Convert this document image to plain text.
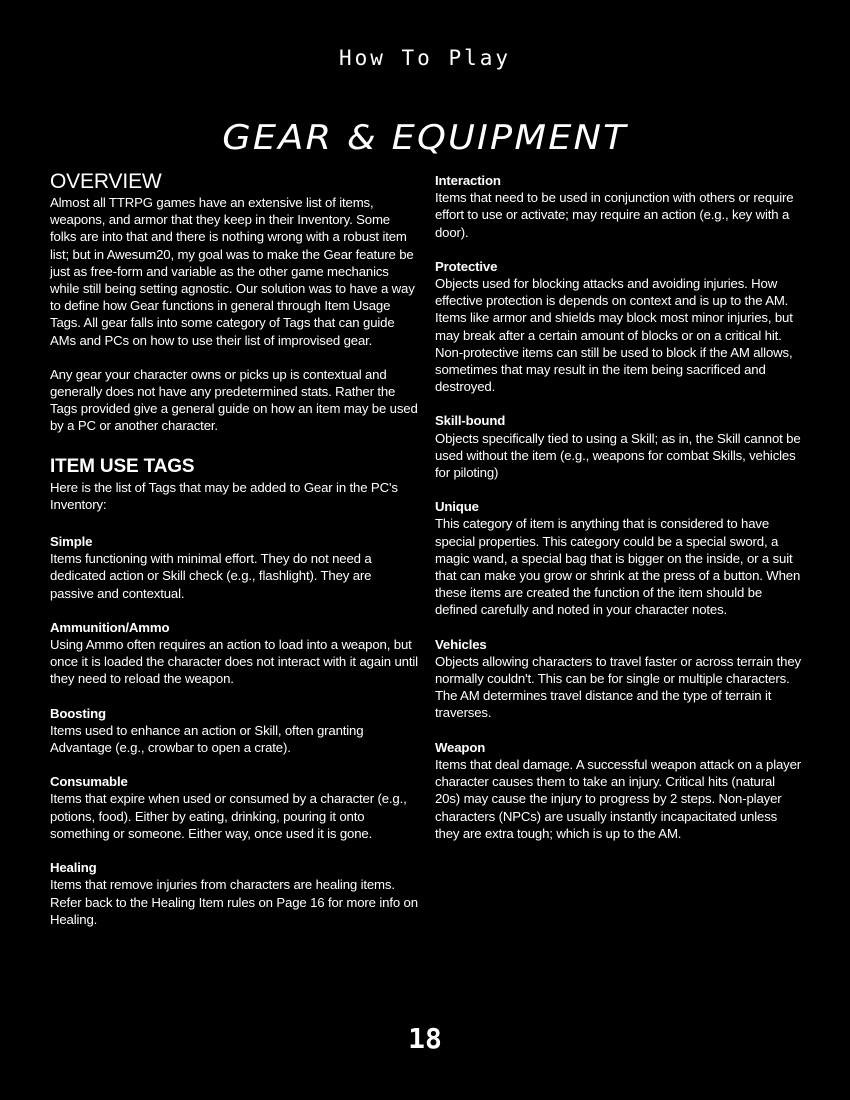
How To Play
GEAR & EQUIPMENT
OVERVIEW

Almost all TTRPG games have an extensive list of items, weapons, and armor that they keep in their Inventory. Some folks are into that and there is nothing wrong with a robust item list; but in Awesum20, my goal was to make the Gear feature be just as free-form and variable as the other game mechanics while still being setting agnostic. Our solution was to have a way to define how Gear functions in general through Item Usage Tags. All gear falls into some category of Tags that can guide AMs and PCs on how to use their list of improvised gear.

Any gear your character owns or picks up is contextual and generally does not have any predetermined stats. Rather the Tags provided give a general guide on how an item may be used by a PC or another character.

ITEM USE TAGS

Here is the list of Tags that may be added to Gear in the PC's Inventory:

Simple
Items functioning with minimal effort. They do not need a dedicated action or Skill check (e.g., flashlight). They are passive and contextual.
Ammunition/Ammo
Using Ammo often requires an action to load into a weapon, but once it is loaded the character does not interact with it again until they need to reload the weapon.
Boosting
Items used to enhance an action or Skill, often granting Advantage (e.g., crowbar to open a crate).
Consumable
Items that expire when used or consumed by a character (e.g., potions, food). Either by eating, drinking, pouring it onto something or someone. Either way, once used it is gone.
Healing
Items that remove injuries from characters are healing items. Refer back to the Healing Item rules on Page 16 for more info on Healing.
Interaction
Items that need to be used in conjunction with others or require effort to use or activate; may require an action (e.g., key with a door).
Protective
Objects used for blocking attacks and avoiding injuries. How effective protection is depends on context and is up to the AM. Items like armor and shields may block most minor injuries, but may break after a certain amount of blocks or on a critical hit. Non-protective items can still be used to block if the AM allows, sometimes that may result in the item being sacrificed and destroyed.
Skill-bound
Objects specifically tied to using a Skill; as in, the Skill cannot be used without the item (e.g., weapons for combat Skills, vehicles for piloting)
Unique
This category of item is anything that is considered to have special properties. This category could be a special sword, a magic wand, a special bag that is bigger on the inside, or a suit that can make you grow or shrink at the press of a button. When these items are created the function of the item should be defined carefully and noted in your character notes.
Vehicles
Objects allowing characters to travel faster or across terrain they normally couldn't. This can be for single or multiple characters. The AM determines travel distance and the type of terrain it traverses.
Weapon
Items that deal damage. A successful weapon attack on a player character causes them to take an injury. Critical hits (natural 20s) may cause the injury to progress by 2 steps. Non-player characters (NPCs) are usually instantly incapacitated unless they are extra tough; which is up to the AM.
18
